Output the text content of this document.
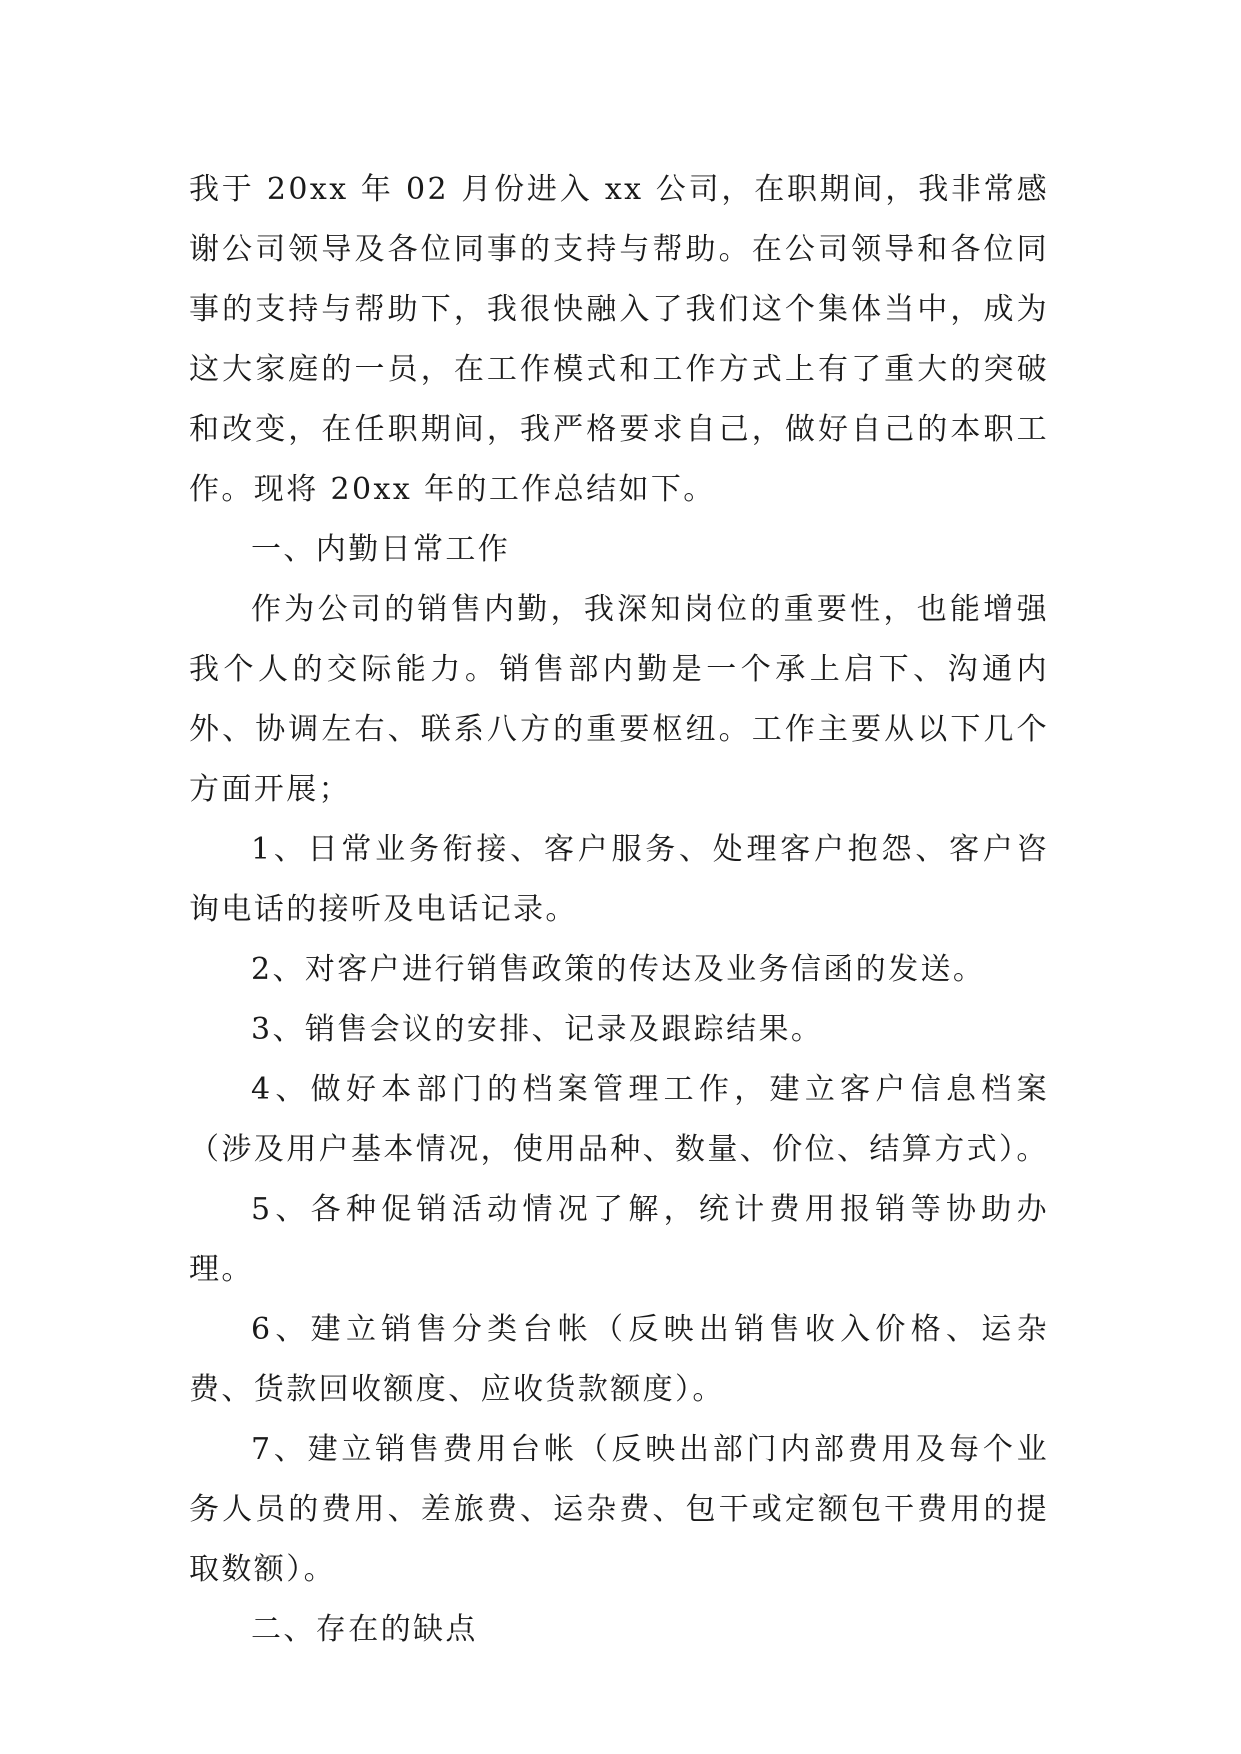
我于 20xx 年 02 月份进入 xx 公司，在职期间，我非常感谢公司领导及各位同事的支持与帮助。在公司领导和各位同事的支持与帮助下，我很快融入了我们这个集体当中，成为这大家庭的一员，在工作模式和工作方式上有了重大的突破和改变，在任职期间，我严格要求自己，做好自己的本职工作。现将 20xx 年的工作总结如下。

一、内勤日常工作

作为公司的销售内勤，我深知岗位的重要性，也能增强我个人的交际能力。销售部内勤是一个承上启下、沟通内外、协调左右、联系八方的重要枢纽。工作主要从以下几个方面开展；

1、日常业务衔接、客户服务、处理客户抱怨、客户咨询电话的接听及电话记录。

2、对客户进行销售政策的传达及业务信函的发送。

3、销售会议的安排、记录及跟踪结果。

4、做好本部门的档案管理工作，建立客户信息档案（涉及用户基本情况，使用品种、数量、价位、结算方式）。

5、各种促销活动情况了解，统计费用报销等协助办理。

6、建立销售分类台帐（反映出销售收入价格、运杂费、货款回收额度、应收货款额度）。

7、建立销售费用台帐（反映出部门内部费用及每个业务人员的费用、差旅费、运杂费、包干或定额包干费用的提取数额）。

二、存在的缺点
